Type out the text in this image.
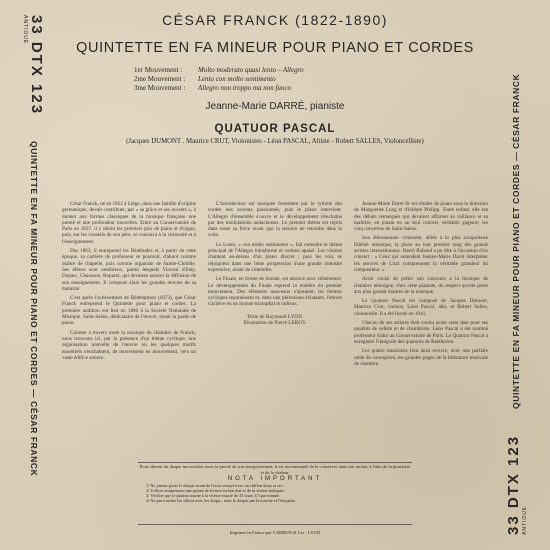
33 DTX 123
ANTIOUE
QUINTETTE EN FA MINEUR POUR PIANO ET CORDES — CÉSAR FRANCK
33 DTX 123 ANTIOUE
QUINTETTE EN FA MINEUR POUR PIANO ET CORDES — CÉSAR FRANCK
CÉSAR FRANCK (1822-1890)
QUINTETTE EN FA MINEUR POUR PIANO ET CORDES
1er Mouvement :	Molto moderato quasi lento – Allegro
2me Mouvement :	Lento con molto sentimento
3me Mouvement :	Allegro non troppo ma non fuoco
Jeanne-Marie DARRÉ, pianiste
QUATUOR PASCAL
(Jacques DUMONT . Maurice CRUT, Violonistes - Léon PASCAL, Altiste - Robert SALLES, Violoncelliste)

César Franck, né en 1822 à Liège, dans une famille d'origine germanique, devait contribuer, par « sa grâce et ses accents », à donner aux formes classiques de la musique française une pureté et une profondeur nouvelles. Entré au Conservatoire de Paris en 1837, il y obtint les premiers prix de piano et d'orgue, puis, sur les conseils de son père, se consacra à la virtuosité et à l'enseignement.

Des 1863, il entreprend les Béatitudes et, à partir de cette époque, sa carrière de professeur se poursuit, d'abord comme maître de chapelle, puis comme organiste de Sainte-Clotilde. Ses élèves sont nombreux, parmi lesquels Vincent d'Indy, Duparc, Chausson, Ropartz, qui devaient assurer la diffusion de son enseignement. Il compose alors les grandes œuvres de sa maturité.

C'est après l'achèvement de Rédemption (1873), que César Franck entreprend le Quintette pour piano et cordes. La première audition eut lieu en 1880 à la Société Nationale de Musique. Saint-Saëns, dédicataire de l'œuvre, tenait la partie de piano.

Comme à travers toute la musique de chambre de Franck, nous trouvons ici, par la présence d'un thème cyclique, une organisation nouvelle de l'œuvre où les quelques motifs essentiels s'enchaînent, de mouvement en mouvement, vers un vaste édifice sonore.

L'Introduction est marquée fortement par le rythme des cordes aux accents passionnés, puis le piano intervient. L'Allegro d'ensemble s'ouvre et le développement s'enchaîne par des modulations audacieuses. Le premier thème est repris dans toute sa force avant que la tension ne retombe dans la coda.

Le Lento, « con molto sentimento », fait entendre le thème principal de l'Allegro transformé et comme apaisé. Les violons chantent au-dessus d'un piano discret ; puis les voix se rejoignent dans une lente progression d'une grande intensité expressive, avant de s'éteindre.

Le Finale, en forme de Sonate, est amorcé avec véhémence. Le développement du Finale reprend la matière du premier mouvement. Des éléments nouveaux s'ajoutent, les thèmes cycliques reparaissent et, dans une péroraison éclatante, l'œuvre s'achève en un hymne triomphal et radieux.

Texte de Raymond LYON.
Illustration de Pierre LEROY.

Jeanne-Marie Darré fit ses études de piano sous la direction de Marguerite Long et d'Isidore Philipp. Toute enfant, elle eut des débuts remarqués qui devaient affirmer sa vaillance et sa maîtrise, en jouant en un seul concert, véritable gageure, les cinq concertos de Saint-Saëns.

Son éblouissante virtuosité, alliée à la plus scrupuleuse fidélité artistique, la place au tout premier rang des grands artistes internationaux. Henri Rabaud a pu dire à l'occasion d'un concert : « Ceux qui entendent Jeanne-Marie Darré interpréter les œuvres de Liszt comprennent la véritable grandeur du compositeur. »

Avoir choisi de prêter son concours à la musique de chambre témoigne, chez cette pianiste, du respect qu'elle porte aux plus grands maîtres de la musique.

Le Quatuor Pascal est composé de Jacques Dumont, Maurice Crut, violons, Léon Pascal, alto, et Robert Salles, violoncelle. Il a été formé en 1941.

Chacun de ses artistes était connu avant cette date pour ses qualités de soliste et de chambriste. Léon Pascal a été nommé professeur d'alto au Conservatoire de Paris. Le Quatuor Pascal a enregistré l'intégrale des quatuors de Beethoven.

Les quatre musiciens font ainsi revivre, avec une parfaite unité de conception, les grandes pages de la littérature musicale de chambre.

Pour obtenir du disque microsillon toute la pureté de son enregistrement, il est recommandé de le conserver dans son sachet, à l'abri de la poussière et de la chaleur.
NOTA IMPORTANT
1/ Ne jamais poser le disque avant de l'avoir essuyé avec un chiffon doux et sec.
2/ Utiliser uniquement une pointe de lecture en bon état et de la vitesse indiquée.
3/ Vérifier que le plateau tourne à la vitesse exacte de 33 tours 1/3 par minute.
4/ Ne pas toucher les sillons avec les doigts ; tenir le disque par la tranche et l'étiquette.
Imprimé en France par CARRON & Cie - LYON
